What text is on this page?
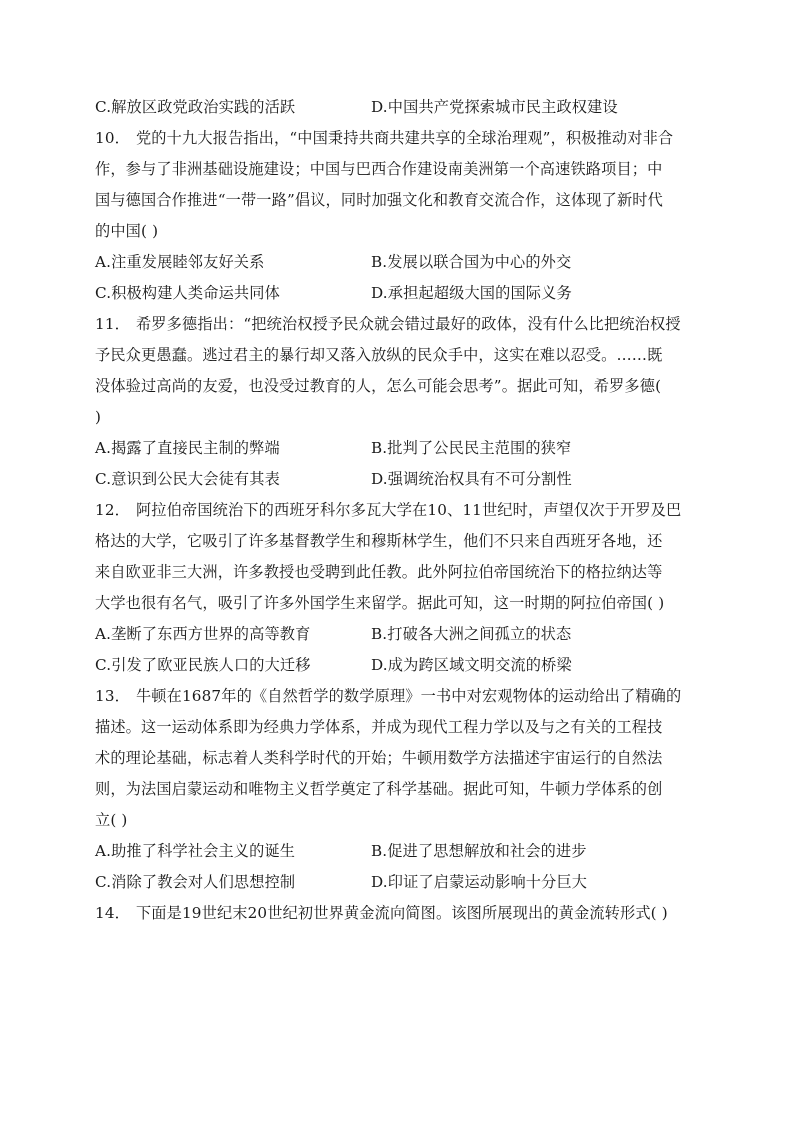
C.解放区政党政治实践的活跃	D.中国共产党探索城市民主政权建设
10． 党的十九大报告指出，“中国秉持共商共建共享的全球治理观”，积极推动对非合
作，参与了非洲基础设施建设；中国与巴西合作建设南美洲第一个高速铁路项目；中
国与德国合作推进“一带一路”倡议，同时加强文化和教育交流合作，这体现了新时代
的中国( )
A.注重发展睦邻友好关系	B.发展以联合国为中心的外交
C.积极构建人类命运共同体	D.承担起超级大国的国际义务
11． 希罗多德指出：“把统治权授予民众就会错过最好的政体，没有什么比把统治权授
予民众更愚蠢。逃过君主的暴行却又落入放纵的民众手中，这实在难以忍受。……既
没体验过高尚的友爱，也没受过教育的人，怎么可能会思考”。据此可知，希罗多德(
)
A.揭露了直接民主制的弊端	B.批判了公民民主范围的狭窄
C.意识到公民大会徒有其表	D.强调统治权具有不可分割性
12． 阿拉伯帝国统治下的西班牙科尔多瓦大学在10、11世纪时，声望仅次于开罗及巴
格达的大学，它吸引了许多基督教学生和穆斯林学生，他们不只来自西班牙各地，还
来自欧亚非三大洲，许多教授也受聘到此任教。此外阿拉伯帝国统治下的格拉纳达等
大学也很有名气，吸引了许多外国学生来留学。据此可知，这一时期的阿拉伯帝国( )
A.垄断了东西方世界的高等教育	B.打破各大洲之间孤立的状态
C.引发了欧亚民族人口的大迁移	D.成为跨区域文明交流的桥梁
13． 牛顿在1687年的《自然哲学的数学原理》一书中对宏观物体的运动给出了精确的
描述。这一运动体系即为经典力学体系，并成为现代工程力学以及与之有关的工程技
术的理论基础，标志着人类科学时代的开始；牛顿用数学方法描述宇宙运行的自然法
则，为法国启蒙运动和唯物主义哲学奠定了科学基础。据此可知，牛顿力学体系的创
立( )
A.助推了科学社会主义的诞生	B.促进了思想解放和社会的进步
C.消除了教会对人们思想控制	D.印证了启蒙运动影响十分巨大
14． 下面是19世纪末20世纪初世界黄金流向简图。该图所展现出的黄金流转形式( )
